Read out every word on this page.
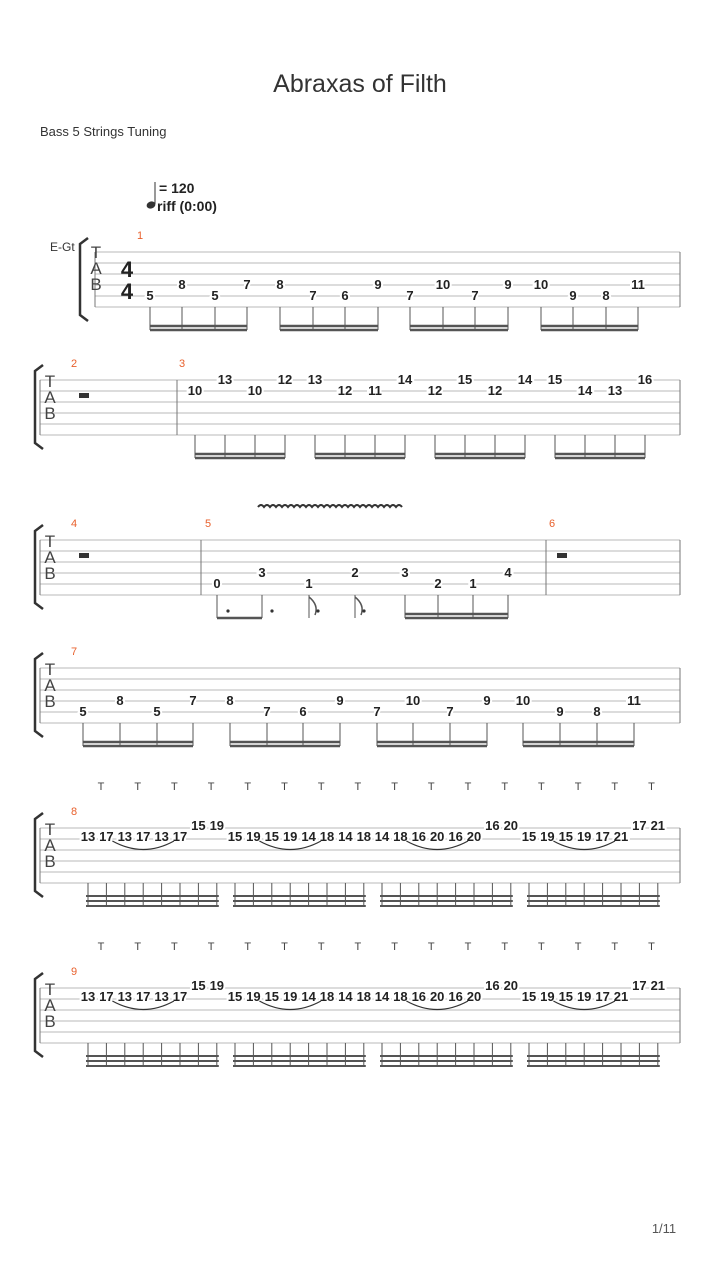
Abraxas of Filth
Bass 5 Strings Tuning
= 120
riff (0:00)
1/11
T
A
B
T
A
B
T
A
B
T
A
B
T
A
B
T
A
B
1
2	3
4	5	6
7
8
9
4
4
E-Gt
5
8
5
7 8
7 6
9
7
10
7
9 10
9 8
11
10
13
10
12 13
12 11
14
12
15
12
14 15
14 13
16
5
8
5
7 8
7 6
9
7
10
7
9 10
9 8
11
0
3
1
2	3
2 1
4
T	T	T	T	T	T	T	T	T	T	T	T	T	T	T	T
13 17 13 17 13 17
15 19
15 19 15 19 14 18 14 18 14 18 16 20 16 20
16 20
15 19 15 19 17 21
17 21
T	T	T	T	T	T	T	T	T	T	T	T	T	T	T	T
13 17 13 17 13 17
15 19
15 19 15 19 14 18 14 18 14 18 16 20 16 20
16 20
15 19 15 19 17 21
17 21
